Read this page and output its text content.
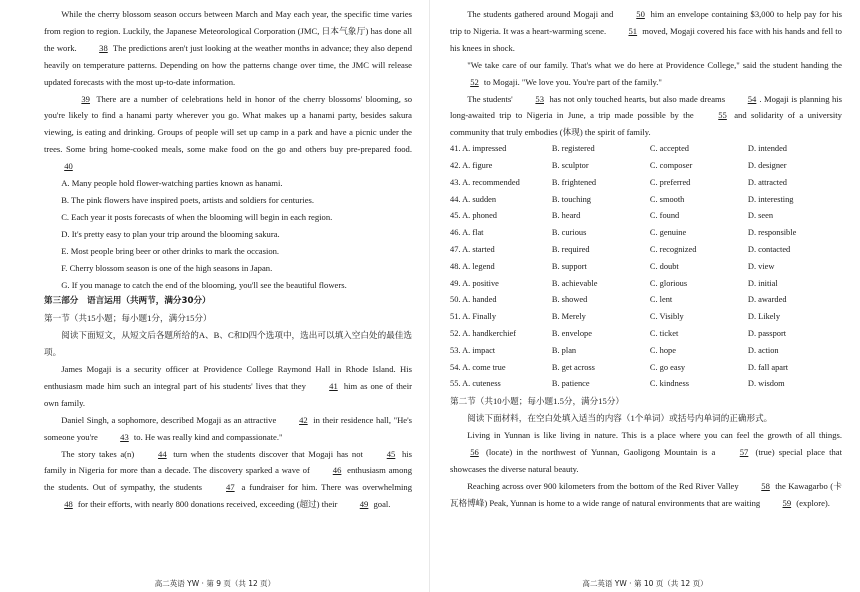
While the cherry blossom season occurs between March and May each year, the specific time varies from region to region. Luckily, the Japanese Meteorological Corporation (JMC, 日本气象厅) has done all the work. 38 The predictions aren't just looking at the weather months in advance; they also depend heavily on temperature patterns. Depending on how the patterns change over time, the JMC will release updated forecasts with the most up-to-date information.

39 There are a number of celebrations held in honor of the cherry blossoms' blooming, so you're likely to find a hanami party wherever you go. What makes up a hanami party, besides sakura viewing, is eating and drinking. Groups of people will set up camp in a park and have a picnic under the trees. Some bring home-cooked meals, some make food on the go and others buy pre-prepared food. 40

A. Many people hold flower-watching parties known as hanami.

B. The pink flowers have inspired poets, artists and soldiers for centuries.

C. Each year it posts forecasts of when the blooming will begin in each region.

D. It's pretty easy to plan your trip around the blooming sakura.

E. Most people bring beer or other drinks to mark the occasion.

F. Cherry blossom season is one of the high seasons in Japan.

G. If you manage to catch the end of the blooming, you'll see the beautiful flowers.

第三部分　语言运用（共两节，满分30分）

第一节（共15小题；每小题1分，满分15分）

阅读下面短文，从短文后各题所给的A、B、C和D四个选项中，选出可以填入空白处的最佳选项。

James Mogaji is a security officer at Providence College Raymond Hall in Rhode Island. His enthusiasm made him such an integral part of his students' lives that they 41 him as one of their own family.

Daniel Singh, a sophomore, described Mogaji as an attractive 42 in their residence hall, "He's someone you're 43 to. He was really kind and compassionate."

The story takes a(n) 44 turn when the students discover that Mogaji has not 45 his family in Nigeria for more than a decade. The discovery sparked a wave of 46 enthusiasm among the students. Out of sympathy, the students 47 a fundraiser for him. There was overwhelming 48 for their efforts, with nearly 800 donations received, exceeding (超过) their 49 goal.

高二英语 YW · 第 9 页（共 12 页）

The students gathered around Mogaji and 50 him an envelope containing $3,000 to help pay for his trip to Nigeria. It was a heart-warming scene. 51 moved, Mogaji covered his face with his hands and fell to his knees in shock.

"We take care of our family. That's what we do here at Providence College," said the student handing the 52 to Mogaji. "We love you. You're part of the family."

The students' 53 has not only touched hearts, but also made dreams 54 . Mogaji is planning his long-awaited trip to Nigeria in June, a trip made possible by the 55 and solidarity of a university community that truly embodies (体现) the spirit of family.

41. A. impressed	B. registered	C. accepted	D. intended
42. A. figure	B. sculptor	C. composer	D. designer
43. A. recommended	B. frightened	C. preferred	D. attracted
44. A. sudden	B. touching	C. smooth	D. interesting
45. A. phoned	B. heard	C. found	D. seen
46. A. flat	B. curious	C. genuine	D. responsible
47. A. started	B. required	C. recognized	D. contacted
48. A. legend	B. support	C. doubt	D. view
49. A. positive	B. achievable	C. glorious	D. initial
50. A. handed	B. showed	C. lent	D. awarded
51. A. Finally	B. Merely	C. Visibly	D. Likely
52. A. handkerchief	B. envelope	C. ticket	D. passport
53. A. impact	B. plan	C. hope	D. action
54. A. come true	B. get across	C. go easy	D. fall apart
55. A. cuteness	B. patience	C. kindness	D. wisdom

第二节（共10小题；每小题1.5分，满分15分）

阅读下面材料，在空白处填入适当的内容（1个单词）或括号内单词的正确形式。

Living in Yunnan is like living in nature. This is a place where you can feel the growth of all things. 56 (locate) in the northwest of Yunnan, Gaoligong Mountain is a 57 (true) special place that showcases the diverse natural beauty.

Reaching across over 900 kilometers from the bottom of the Red River Valley 58 the Kawagarbo (卡瓦格博峰) Peak, Yunnan is home to a wide range of natural environments that are waiting 59 (explore).

高二英语 YW · 第 10 页（共 12 页）
